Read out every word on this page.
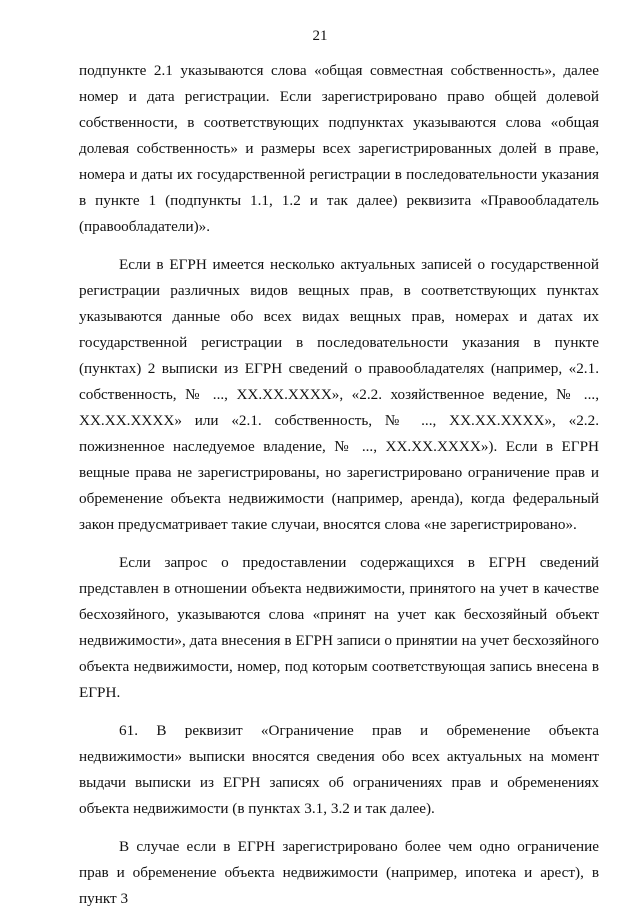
21

подпункте 2.1 указываются слова «общая совместная собственность», далее номер и дата регистрации. Если зарегистрировано право общей долевой собственности, в соответствующих подпунктах указываются слова «общая долевая собственность» и размеры всех зарегистрированных долей в праве, номера и даты их государственной регистрации в последовательности указания в пункте 1 (подпункты 1.1, 1.2 и так далее) реквизита «Правообладатель (правообладатели)».

Если в ЕГРН имеется несколько актуальных записей о государственной регистрации различных видов вещных прав, в соответствующих пунктах указываются данные обо всех видах вещных прав, номерах и датах их государственной регистрации в последовательности указания в пункте (пунктах) 2 выписки из ЕГРН сведений о правообладателях (например, «2.1. собственность, № ..., XX.XX.XXXX», «2.2. хозяйственное ведение, № ..., XX.XX.XXXX» или «2.1. собственность, № ..., XX.XX.XXXX», «2.2. пожизненное наследуемое владение, № ..., XX.XX.XXXX»). Если в ЕГРН вещные права не зарегистрированы, но зарегистрировано ограничение прав и обременение объекта недвижимости (например, аренда), когда федеральный закон предусматривает такие случаи, вносятся слова «не зарегистрировано».

Если запрос о предоставлении содержащихся в ЕГРН сведений представлен в отношении объекта недвижимости, принятого на учет в качестве бесхозяйного, указываются слова «принят на учет как бесхозяйный объект недвижимости», дата внесения в ЕГРН записи о принятии на учет бесхозяйного объекта недвижимости, номер, под которым соответствующая запись внесена в ЕГРН.

61. В реквизит «Ограничение прав и обременение объекта недвижимости» выписки вносятся сведения обо всех актуальных на момент выдачи выписки из ЕГРН записях об ограничениях прав и обременениях объекта недвижимости (в пунктах 3.1, 3.2 и так далее).

В случае если в ЕГРН зарегистрировано более чем одно ограничение прав и обременение объекта недвижимости (например, ипотека и арест), в пункт 3
